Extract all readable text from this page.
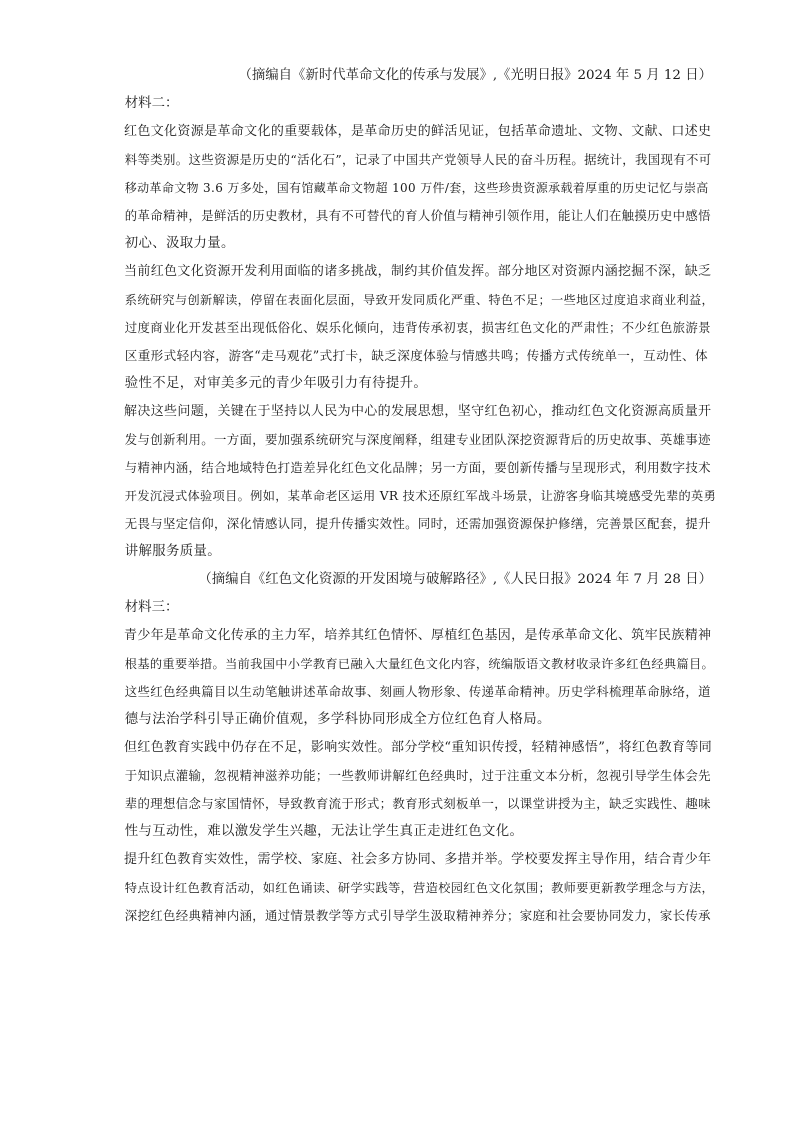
（摘编自《新时代革命文化的传承与发展》,《光明日报》2024 年 5 月 12 日）

材料二：

红色文化资源是革命文化的重要载体，是革命历史的鲜活见证，包括革命遗址、文物、文献、口述史
料等类别。这些资源是历史的“活化石”，记录了中国共产党领导人民的奋斗历程。据统计，我国现有不可
移动革命文物 3.6 万多处，国有馆藏革命文物超 100 万件/套，这些珍贵资源承载着厚重的历史记忆与崇高
的革命精神，是鲜活的历史教材，具有不可替代的育人价值与精神引领作用，能让人们在触摸历史中感悟
初心、汲取力量。
当前红色文化资源开发利用面临的诸多挑战，制约其价值发挥。部分地区对资源内涵挖掘不深，缺乏
系统研究与创新解读，停留在表面化层面，导致开发同质化严重、特色不足；一些地区过度追求商业利益，
过度商业化开发甚至出现低俗化、娱乐化倾向，违背传承初衷，损害红色文化的严肃性；不少红色旅游景
区重形式轻内容，游客“走马观花”式打卡，缺乏深度体验与情感共鸣；传播方式传统单一，互动性、体
验性不足，对审美多元的青少年吸引力有待提升。
解决这些问题，关键在于坚持以人民为中心的发展思想，坚守红色初心，推动红色文化资源高质量开
发与创新利用。一方面，要加强系统研究与深度阐释，组建专业团队深挖资源背后的历史故事、英雄事迹
与精神内涵，结合地域特色打造差异化红色文化品牌；另一方面，要创新传播与呈现形式，利用数字技术
开发沉浸式体验项目。例如，某革命老区运用 VR 技术还原红军战斗场景，让游客身临其境感受先辈的英勇
无畏与坚定信仰，深化情感认同，提升传播实效性。同时，还需加强资源保护修缮，完善景区配套，提升
讲解服务质量。

（摘编自《红色文化资源的开发困境与破解路径》,《人民日报》2024 年 7 月 28 日）

材料三：

青少年是革命文化传承的主力军，培养其红色情怀、厚植红色基因，是传承革命文化、筑牢民族精神
根基的重要举措。当前我国中小学教育已融入大量红色文化内容，统编版语文教材收录许多红色经典篇目。
这些红色经典篇目以生动笔触讲述革命故事、刻画人物形象、传递革命精神。历史学科梳理革命脉络，道
德与法治学科引导正确价值观，多学科协同形成全方位红色育人格局。
但红色教育实践中仍存在不足，影响实效性。部分学校“重知识传授，轻精神感悟”，将红色教育等同
于知识点灌输，忽视精神滋养功能；一些教师讲解红色经典时，过于注重文本分析，忽视引导学生体会先
辈的理想信念与家国情怀，导致教育流于形式；教育形式刻板单一，以课堂讲授为主，缺乏实践性、趣味
性与互动性，难以激发学生兴趣，无法让学生真正走进红色文化。
提升红色教育实效性，需学校、家庭、社会多方协同、多措并举。学校要发挥主导作用，结合青少年
特点设计红色教育活动，如红色诵读、研学实践等，营造校园红色文化氛围；教师要更新教学理念与方法，
深挖红色经典精神内涵，通过情景教学等方式引导学生汲取精神养分；家庭和社会要协同发力，家长传承
